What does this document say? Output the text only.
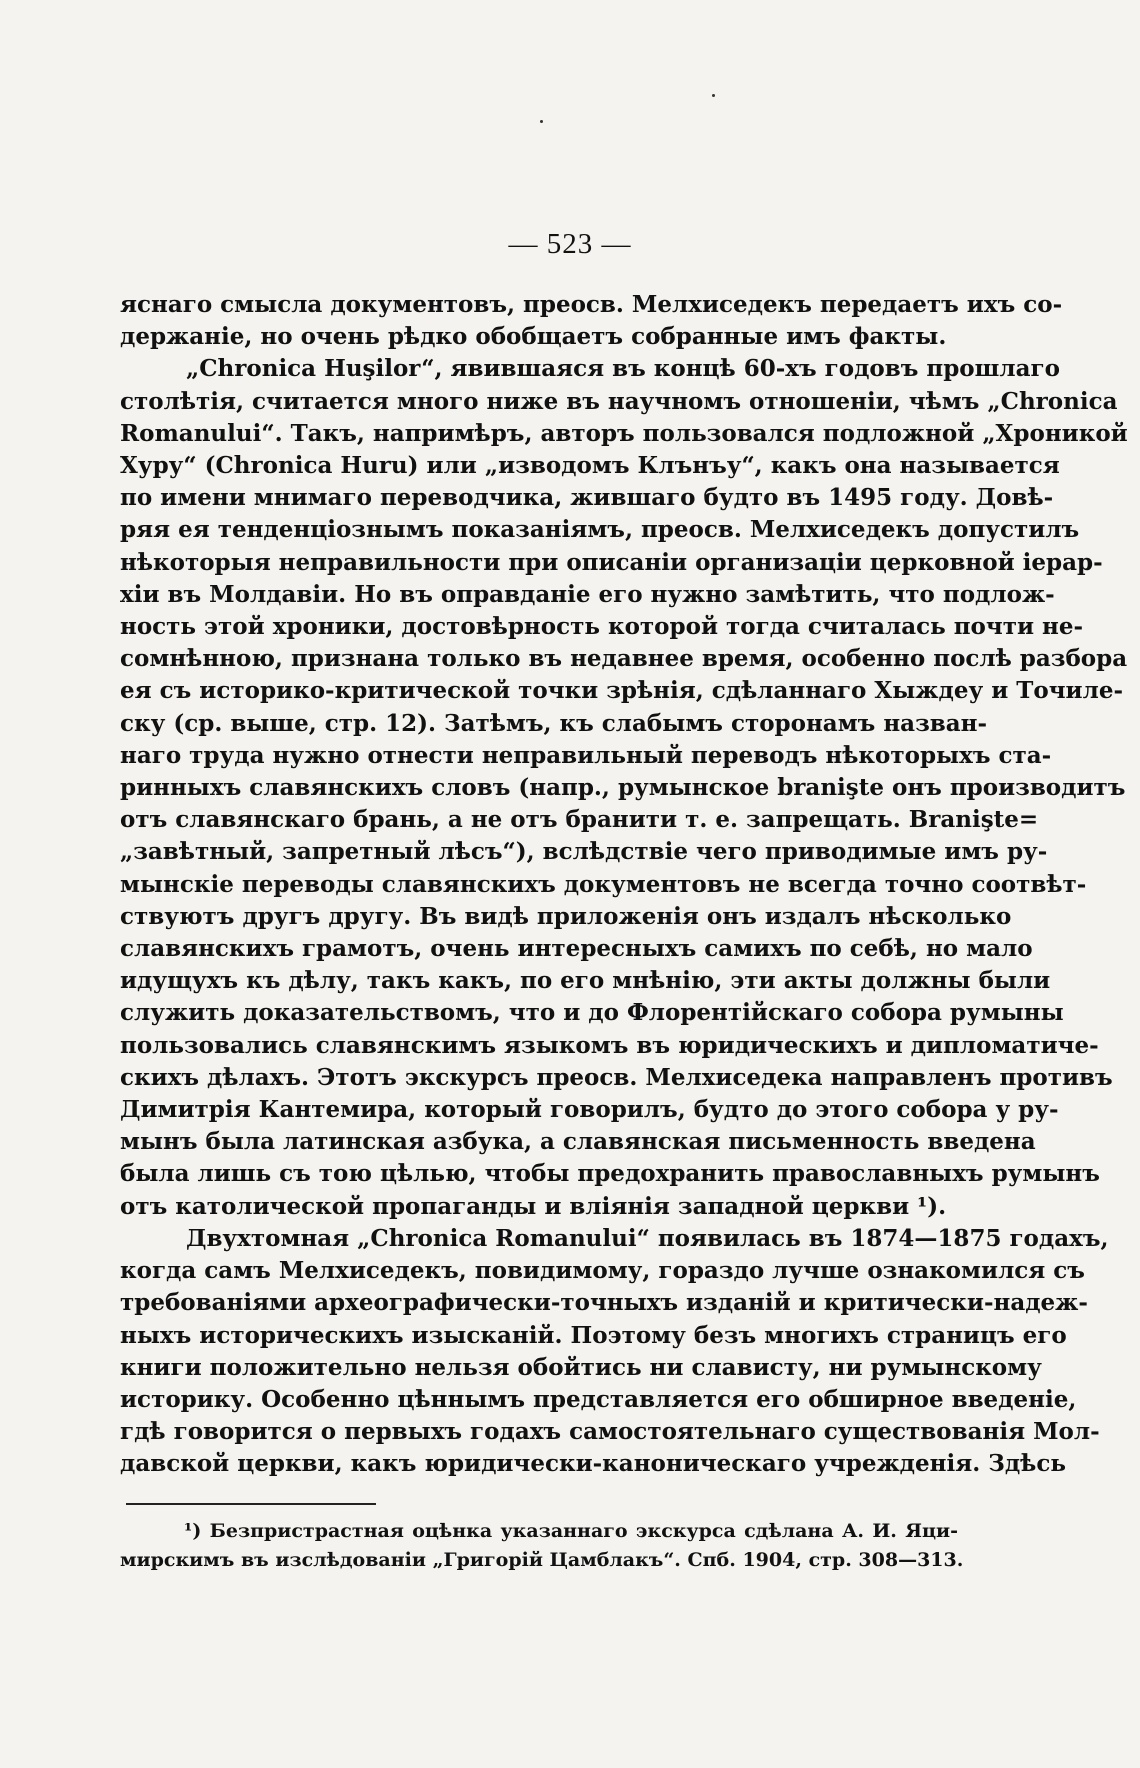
— 523 —
яснаго смысла документовъ, преосв. Мелхиседекъ передаетъ ихъ со-
держаніе, но очень рѣдко обобщаетъ собранные имъ факты.
„Chronica Huşilor“, явившаяся въ концѣ 60-хъ годовъ прошлаго
столѣтія, считается много ниже въ научномъ отношеніи, чѣмъ „Chronica
Romanului“. Такъ, напримѣръ, авторъ пользовался подложной „Хроникой
Хуру“ (Chronica Huru) или „изводомъ Клънъу“, какъ она называется
по имени мнимаго переводчика, жившаго будто въ 1495 году. Довѣ-
ряя ея тенденціознымъ показаніямъ, преосв. Мелхиседекъ допустилъ
нѣкоторыя неправильности при описаніи организаціи церковной іерар-
хіи въ Молдавіи. Но въ оправданіе его нужно замѣтить, что подлож-
ность этой хроники, достовѣрность которой тогда считалась почти не-
сомнѣнною, признана только въ недавнее время, особенно послѣ разбора
ея съ историко-критической точки зрѣнія, сдѣланнаго Хыждеу и Точиле-
ску (ср. выше, стр. 12). Затѣмъ, къ слабымъ сторонамъ назван-
наго труда нужно отнести неправильный переводъ нѣкоторыхъ ста-
ринныхъ славянскихъ словъ (напр., румынское branişte онъ производитъ
отъ славянскаго брань, а не отъ бранити т. е. запрещать. Branişte=
„завѣтный, запретный лѣсъ“), вслѣдствіе чего приводимые имъ ру-
мынскіе переводы славянскихъ документовъ не всегда точно соотвѣт-
ствуютъ другъ другу. Въ видѣ приложенія онъ издалъ нѣсколько
славянскихъ грамотъ, очень интересныхъ самихъ по себѣ, но мало
идущухъ къ дѣлу, такъ какъ, по его мнѣнію, эти акты должны были
служить доказательствомъ, что и до Флорентійскаго собора румыны
пользовались славянскимъ языкомъ въ юридическихъ и дипломатиче-
скихъ дѣлахъ. Этотъ экскурсъ преосв. Мелхиседека направленъ противъ
Димитрія Кантемира, который говорилъ, будто до этого собора у ру-
мынъ была латинская азбука, а славянская письменность введена
была лишь съ тою цѣлью, чтобы предохранить православныхъ румынъ
отъ католической пропаганды и вліянія западной церкви ¹).
Двухтомная „Chronica Romanului“ появилась въ 1874—1875 годахъ,
когда самъ Мелхиседекъ, повидимому, гораздо лучше ознакомился съ
требованіями археографически-точныхъ изданій и критически-надеж-
ныхъ историческихъ изысканій. Поэтому безъ многихъ страницъ его
книги положительно нельзя обойтись ни слависту, ни румынскому
историку. Особенно цѣннымъ представляется его обширное введеніе,
гдѣ говорится о первыхъ годахъ самостоятельнаго существованія Мол-
давской церкви, какъ юридически-каноническаго учрежденія. Здѣсь
¹) Безпристрастная оцѣнка указаннаго экскурса сдѣлана А. И. Яци-
мирскимъ въ изслѣдованіи „Григорій Цамблакъ“. Спб. 1904, стр. 308—313.
